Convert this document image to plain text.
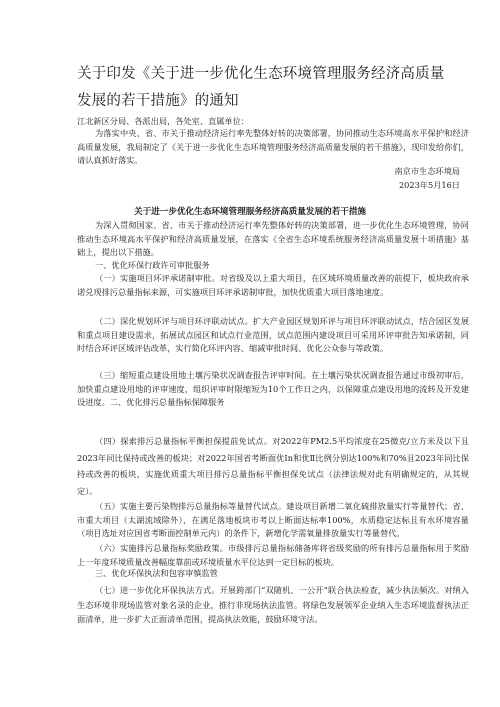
关于印发《关于进一步优化生态环境管理服务经济高质量
发展的若干措施》的通知
江北新区分局、各派出局，各处室、直属单位：

为落实中央、省、市关于推动经济运行率先整体好转的决策部署，协同推动生态环境高水平保护和经济高质量发展，我局制定了《关于进一步优化生态环境管理服务经济高质量发展的若干措施》，现印发给你们，请认真抓好落实。

南京市生态环境局
2023年5月16日
关于进一步优化生态环境管理服务经济高质量发展的若干措施

为深入贯彻国家、省、市关于推动经济运行率先整体好转的决策部署，进一步优化生态环境管理，协同推动生态环境高水平保护和经济高质量发展，在落实《全省生态环境系统服务经济高质量发展十项措施》基础上，提出以下措施。

一、优化环保行政许可审批服务

（一）实施项目环评承诺制审批。对省级及以上重大项目，在区域环境质量改善的前提下，板块政府承诺兑现排污总量指标来源，可实施项目环评承诺制审批，加快优质重大项目落地速度。

（二）深化规划环评与项目环评联动试点。扩大产业园区规划环评与项目环评联动试点，结合园区发展和重点项目建设需求，拓展试点园区和试点行业范围，试点范围内建设项目可采用环评审批告知承诺制，同时结合环评区域评估改革，实行简化环评内容、缩减审批时间、优化公众参与等政策。

（三）缩短重点建设用地土壤污染状况调查报告评审时间。在土壤污染状况调查报告通过市级初审后，加快重点建设用地的评审速度，组织评审时限缩短为10个工作日之内，以保障重点建设用地的流转及开发建设进度。二、优化排污总量指标保障服务

（四）探索排污总量指标平衡担保提前免试点。对2022年PM2.5平均浓度在25微克/立方米及以下且2023年同比保持或改善的板块；对2022年国省考断面优Ⅰn和优Ⅱ比例分别达100%和70%且2023年同比保持或改善的板块，实施优质重大项目排污总量指标平衡担保免试点（法律法规对此有明确规定的，从其规定）。

（五）实施主要污染物排污总量指标等量替代试点。建设项目新增二氧化硫排放量实行等量替代；省、市重大项目（太湖流域除外），在满足落地板块市考以上断面达标率100%，水质稳定达标且有水环境容量（项目选址对应国省考断面控制单元内）的条件下，新增化学需氧量排放量实行等量替代。

（六）实施排污总量指标奖励政策。市级排污总量指标储备库将省级奖励的所有排污总量指标用于奖励上一年度环境质量改善幅度靠前或环境质量水平位达到一定目标的板块。

三、优化环保执法和包容审慎监管

（七）进一步优化环保执法方式。开展跨部门“双随机、一公开”联合执法检查，减少执法频次。对纳入生态环境非现场监管对象名录的企业，推行非现场执法监管。将绿色发展领军企业纳入生态环境监督执法正面清单，进一步扩大正面清单范围，提高执法效能，鼓励环境守法。
